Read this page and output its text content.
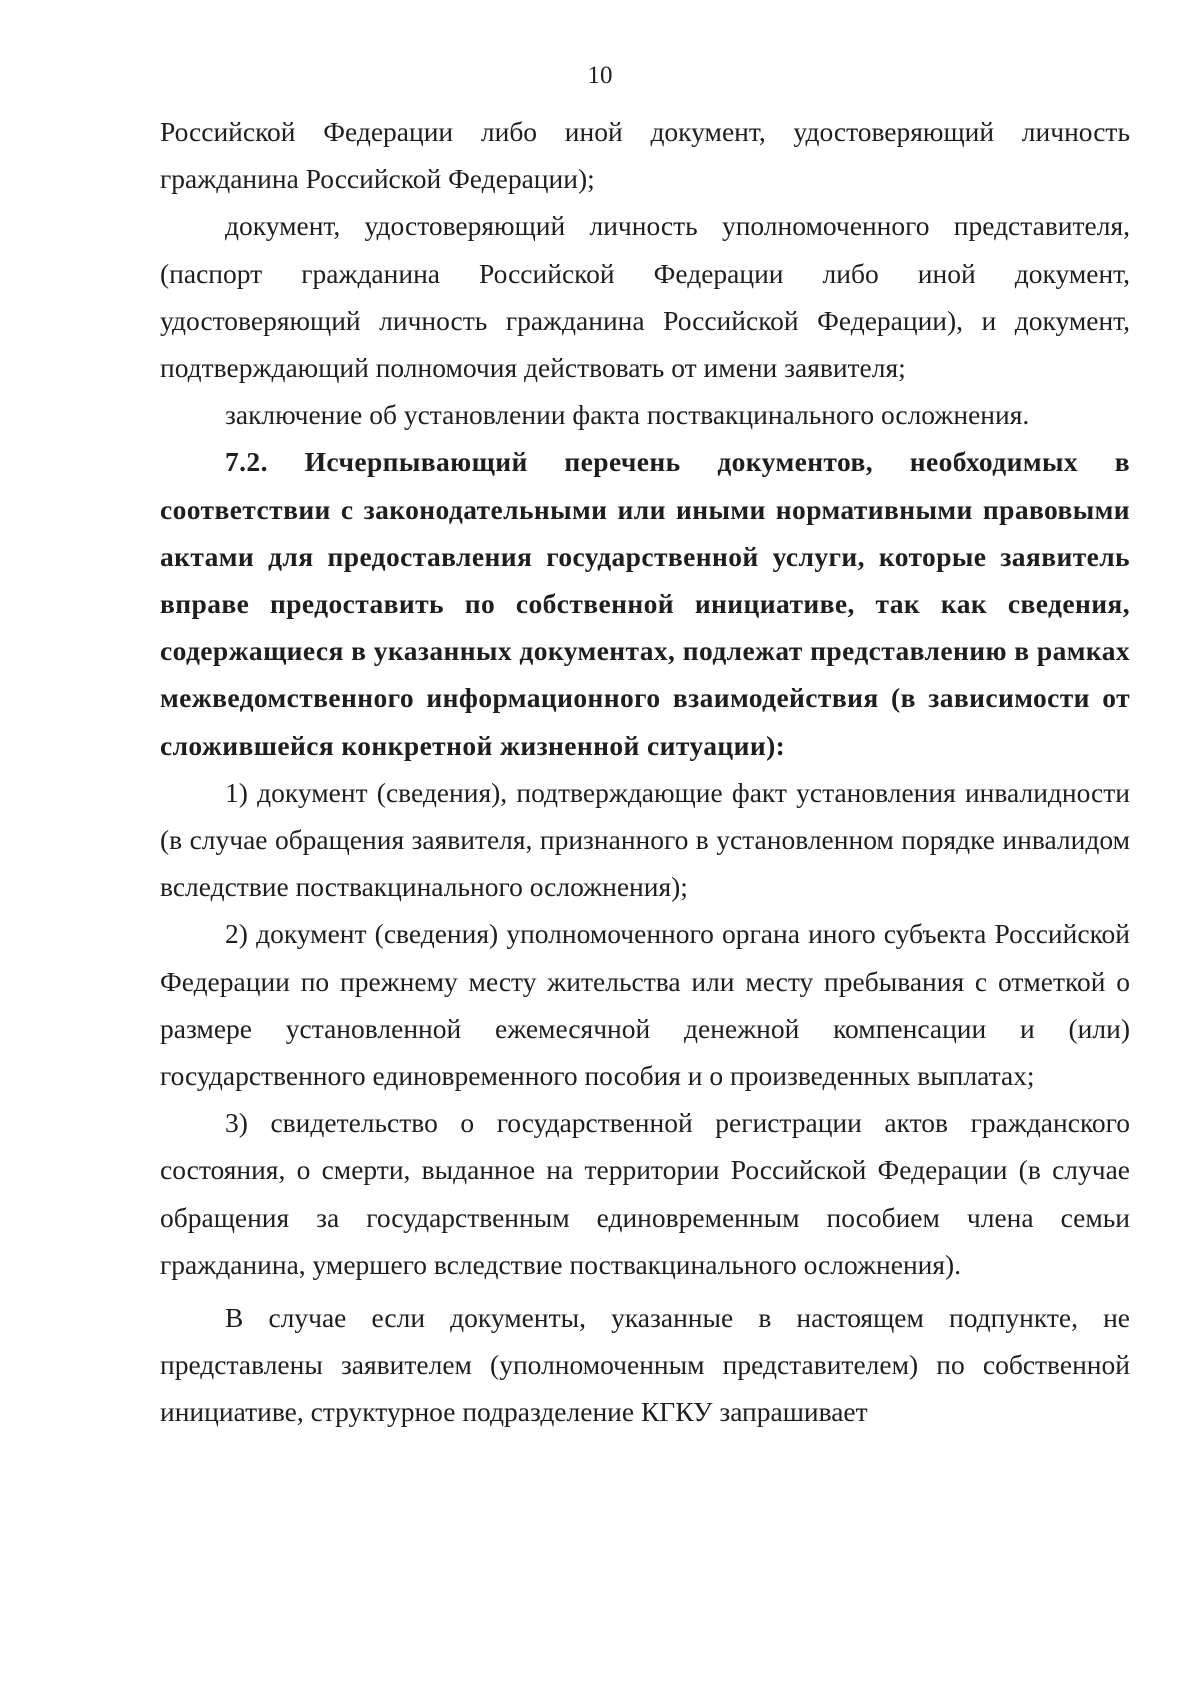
10

Российской Федерации либо иной документ, удостоверяющий личность гражданина Российской Федерации);

документ, удостоверяющий личность уполномоченного представителя, (паспорт гражданина Российской Федерации либо иной документ, удостоверяющий личность гражданина Российской Федерации), и документ, подтверждающий полномочия действовать от имени заявителя;

заключение об установлении факта поствакцинального осложнения.

7.2. Исчерпывающий перечень документов, необходимых в соответствии с законодательными или иными нормативными правовыми актами для предоставления государственной услуги, которые заявитель вправе предоставить по собственной инициативе, так как сведения, содержащиеся в указанных документах, подлежат представлению в рамках межведомственного информационного взаимодействия (в зависимости от сложившейся конкретной жизненной ситуации):

1) документ (сведения), подтверждающие факт установления инвалидности (в случае обращения заявителя, признанного в установленном порядке инвалидом вследствие поствакцинального осложнения);

2) документ (сведения) уполномоченного органа иного субъекта Российской Федерации по прежнему месту жительства или месту пребывания с отметкой о размере установленной ежемесячной денежной компенсации и (или) государственного единовременного пособия и о произведенных выплатах;

3) свидетельство о государственной регистрации актов гражданского состояния, о смерти, выданное на территории Российской Федерации (в случае обращения за государственным единовременным пособием члена семьи гражданина, умершего вследствие поствакцинального осложнения).

В случае если документы, указанные в настоящем подпункте, не представлены заявителем (уполномоченным представителем) по собственной инициативе, структурное подразделение КГКУ запрашивает
